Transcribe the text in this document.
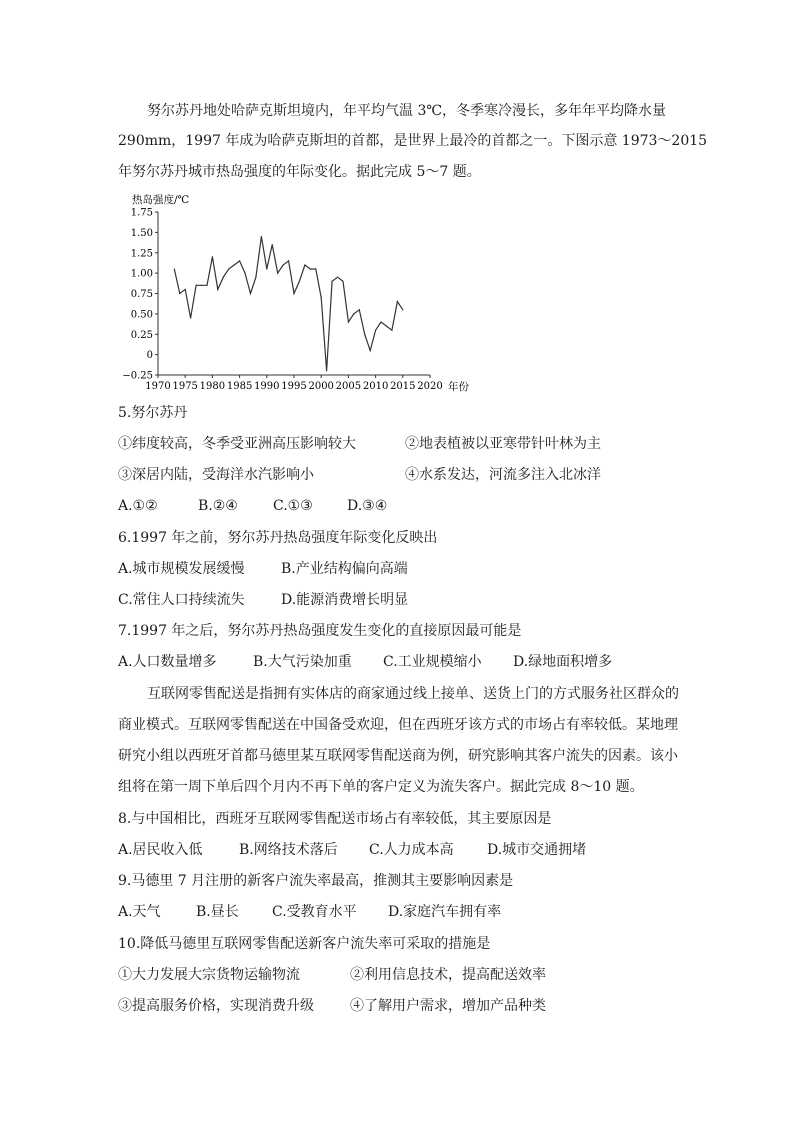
努尔苏丹地处哈萨克斯坦境内，年平均气温 3℃，冬季寒冷漫长，多年年平均降水量
290mm，1997 年成为哈萨克斯坦的首都，是世界上最冷的首都之一。下图示意 1973～2015
年努尔苏丹城市热岛强度的年际变化。据此完成 5～7 题。
热岛强度/℃
年份
1.75
1.50
1.25
1.00
0.75
0.50
0.25
0
−0.25
1970 1975 1980 1985 1990 1995 2000 2005 2010 2015 2020
5.努尔苏丹
①纬度较高，冬季受亚洲高压影响较大	②地表植被以亚寒带针叶林为主
③深居内陆，受海洋水汽影响小	④水系发达，河流多注入北冰洋
A.①②	B.②④	C.①③ D.③④
6.1997 年之前，努尔苏丹热岛强度年际变化反映出
A.城市规模发展缓慢	B.产业结构偏向高端
C.常住人口持续流失	D.能源消费增长明显
7.1997 年之后，努尔苏丹热岛强度发生变化的直接原因最可能是
A.人口数量增多	B.大气污染加重 C.工业规模缩小 D.绿地面积增多
互联网零售配送是指拥有实体店的商家通过线上接单、送货上门的方式服务社区群众的
商业模式。互联网零售配送在中国备受欢迎，但在西班牙该方式的市场占有率较低。某地理
研究小组以西班牙首都马德里某互联网零售配送商为例，研究影响其客户流失的因素。该小
组将在第一周下单后四个月内不再下单的客户定义为流失客户。据此完成 8～10 题。
8.与中国相比，西班牙互联网零售配送市场占有率较低，其主要原因是
A.居民收入低	B.网络技术落后 C.人力成本高 D.城市交通拥堵
9.马德里 7 月注册的新客户流失率最高，推测其主要影响因素是
A.天气	B.昼长 C.受教育水平 D.家庭汽车拥有率
10.降低马德里互联网零售配送新客户流失率可采取的措施是
①大力发展大宗货物运输物流	②利用信息技术，提高配送效率
③提高服务价格，实现消费升级	④了解用户需求，增加产品种类
